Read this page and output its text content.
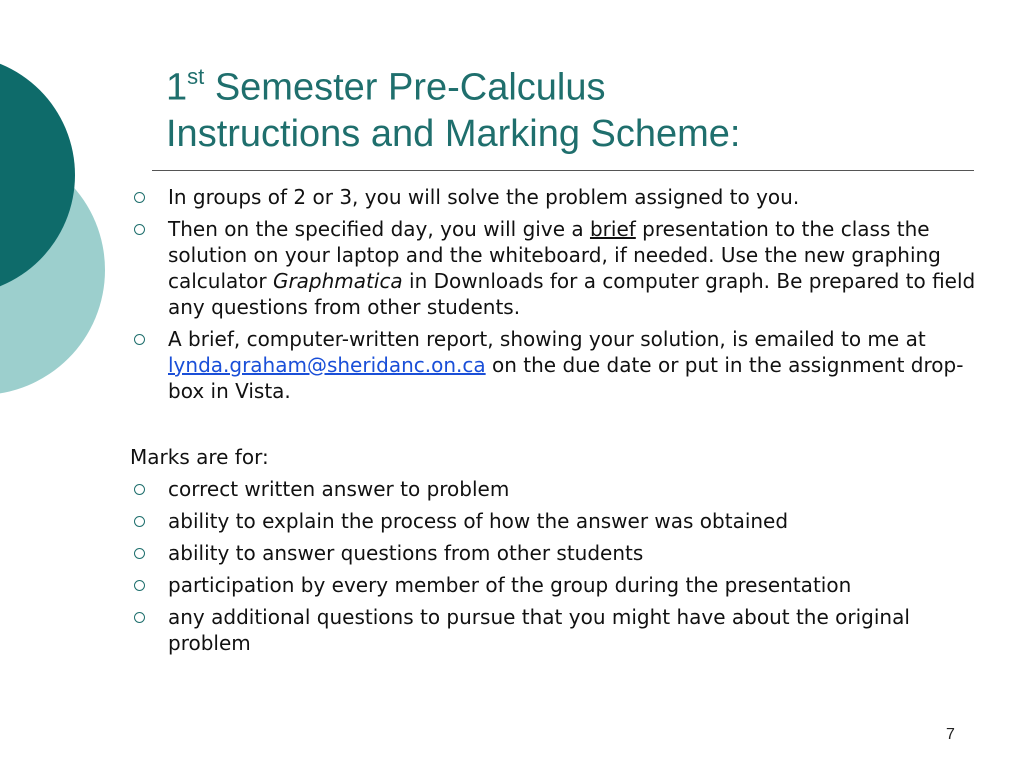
1st Semester Pre-Calculus
Instructions and Marking Scheme:
In groups of 2 or 3, you will solve the problem assigned to you.
Then on the specified day, you will give a brief presentation to the class the solution on your laptop and the whiteboard, if needed. Use the new graphing calculator Graphmatica in Downloads for a computer graph. Be prepared to field any questions from other students.
A brief, computer-written report, showing your solution, is emailed to me at lynda.graham@sheridanc.on.ca on the due date or put in the assignment drop-box in Vista.
Marks are for:
correct written answer to problem
ability to explain the process of how the answer was obtained
ability to answer questions from other students
participation by every member of the group during the presentation
any additional questions to pursue that you might have about the original problem
7
